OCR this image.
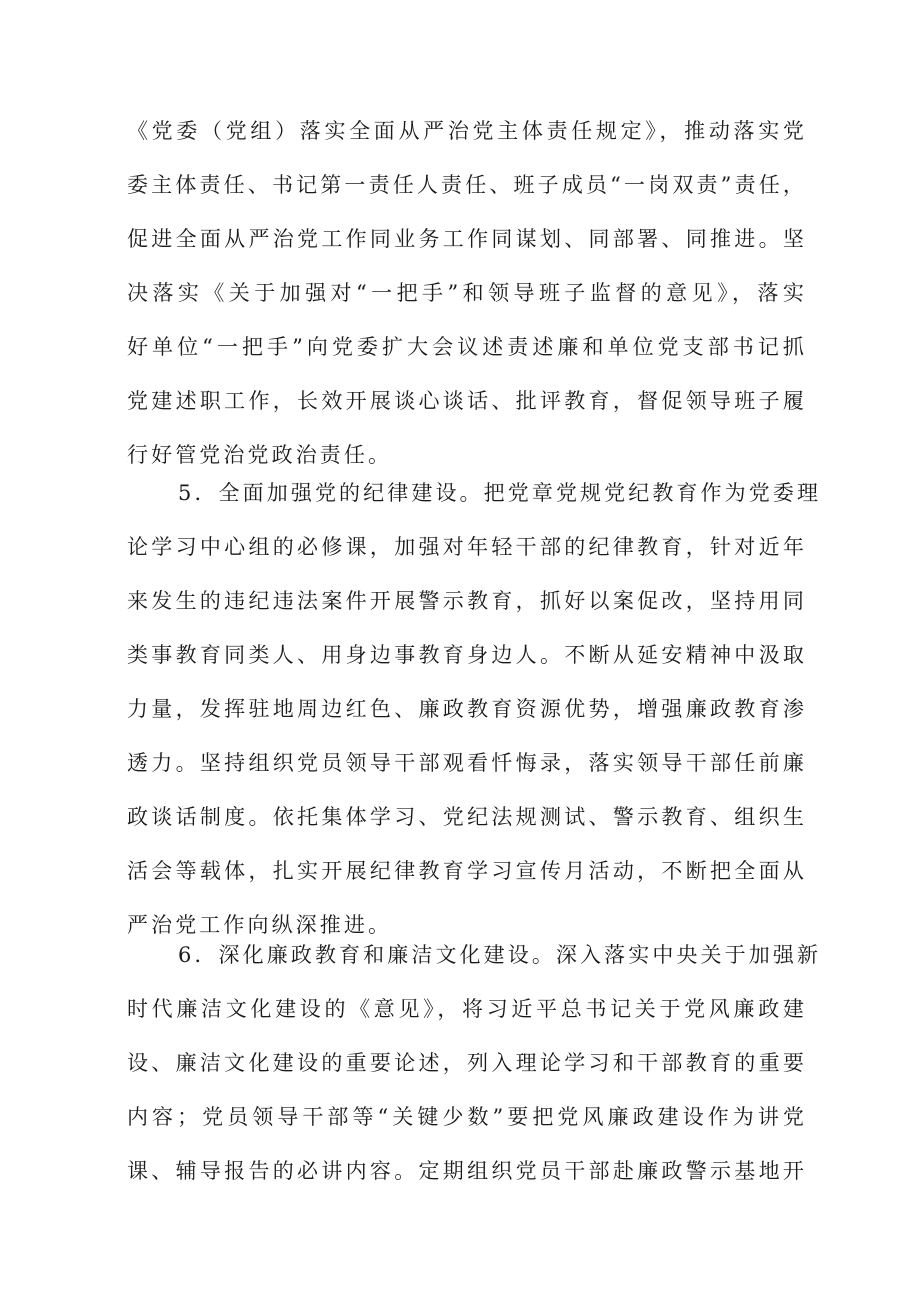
《党委（党组）落实全面从严治党主体责任规定》，推动落实党
委主体责任、书记第一责任人责任、班子成员“一岗双责”责任，
促进全面从严治党工作同业务工作同谋划、同部署、同推进。坚
决落实《关于加强对“一把手”和领导班子监督的意见》，落实
好单位“一把手”向党委扩大会议述责述廉和单位党支部书记抓
党建述职工作，长效开展谈心谈话、批评教育，督促领导班子履
行好管党治党政治责任。
5．全面加强党的纪律建设。把党章党规党纪教育作为党委理
论学习中心组的必修课，加强对年轻干部的纪律教育，针对近年
来发生的违纪违法案件开展警示教育，抓好以案促改，坚持用同
类事教育同类人、用身边事教育身边人。不断从延安精神中汲取
力量，发挥驻地周边红色、廉政教育资源优势，增强廉政教育渗
透力。坚持组织党员领导干部观看忏悔录，落实领导干部任前廉
政谈话制度。依托集体学习、党纪法规测试、警示教育、组织生
活会等载体，扎实开展纪律教育学习宣传月活动，不断把全面从
严治党工作向纵深推进。
6．深化廉政教育和廉洁文化建设。深入落实中央关于加强新
时代廉洁文化建设的《意见》，将习近平总书记关于党风廉政建
设、廉洁文化建设的重要论述，列入理论学习和干部教育的重要
内容；党员领导干部等“关键少数”要把党风廉政建设作为讲党
课、辅导报告的必讲内容。定期组织党员干部赴廉政警示基地开
